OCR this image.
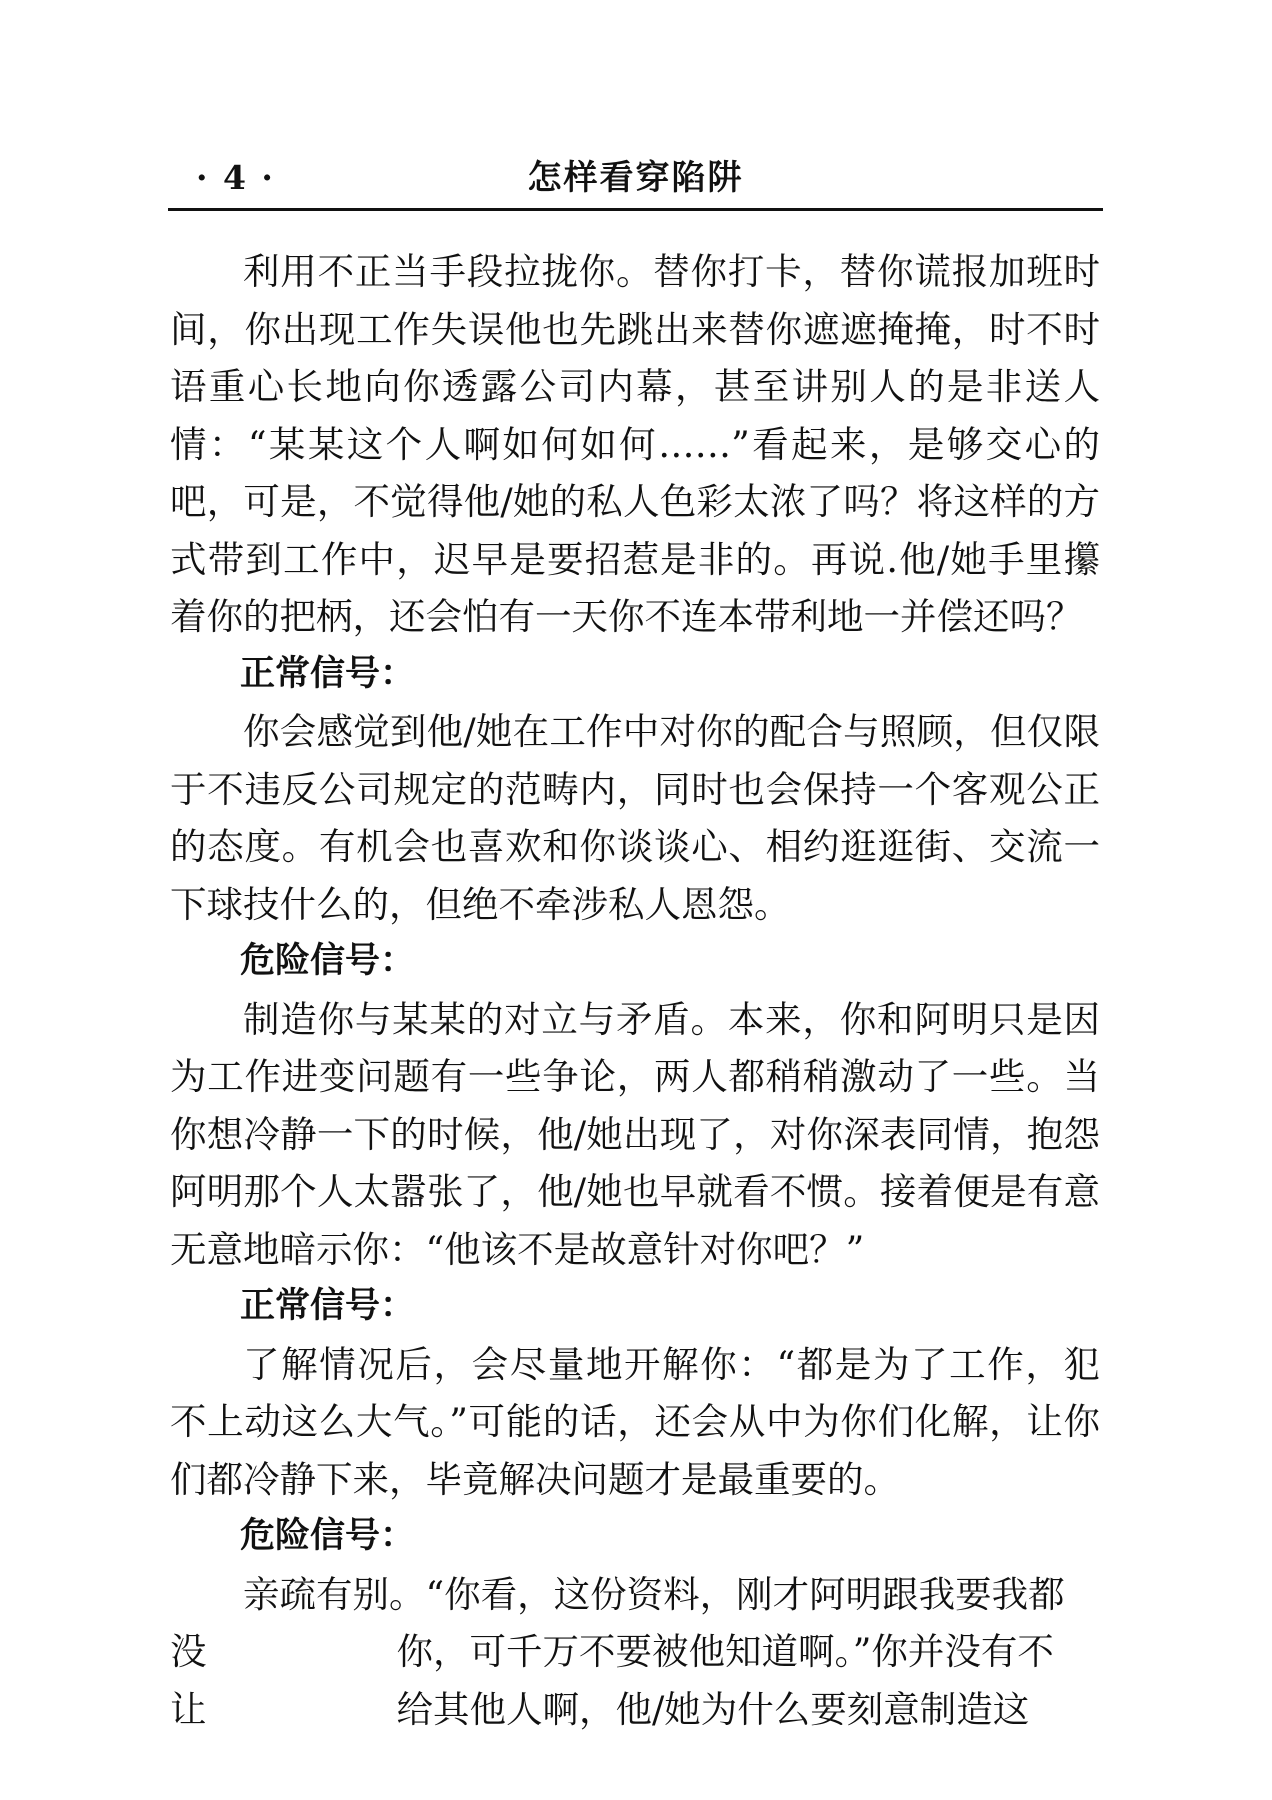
· 4 ·	怎样看穿陷阱

利用不正当手段拉拢你。替你打卡，替你谎报加班时间，你出现工作失误他也先跳出来替你遮遮掩掩，时不时语重心长地向你透露公司内幕，甚至讲别人的是非送人情：“某某这个人啊如何如何……”看起来，是够交心的吧，可是，不觉得他/她的私人色彩太浓了吗？将这样的方式带到工作中，迟早是要招惹是非的。再说.他/她手里攥着你的把柄，还会怕有一天你不连本带利地一并偿还吗？

正常信号：

你会感觉到他/她在工作中对你的配合与照顾，但仅限于不违反公司规定的范畴内，同时也会保持一个客观公正的态度。有机会也喜欢和你谈谈心、相约逛逛街、交流一下球技什么的，但绝不牵涉私人恩怨。

危险信号：

制造你与某某的对立与矛盾。本来，你和阿明只是因为工作进变问题有一些争论，两人都稍稍激动了一些。当你想冷静一下的时候，他/她出现了，对你深表同情，抱怨阿明那个人太嚣张了，他/她也早就看不惯。接着便是有意无意地暗示你：“他该不是故意针对你吧？”

正常信号：

了解情况后，会尽量地开解你：“都是为了工作，犯不上动这么大气。”可能的话，还会从中为你们化解，让你们都冷静下来，毕竟解决问题才是最重要的。

危险信号：

亲疏有别。“你看，这份资料，刚才阿明跟我要我都
没	你，可千万不要被他知道啊。”你并没有不
让	给其他人啊，他/她为什么要刻意制造这
